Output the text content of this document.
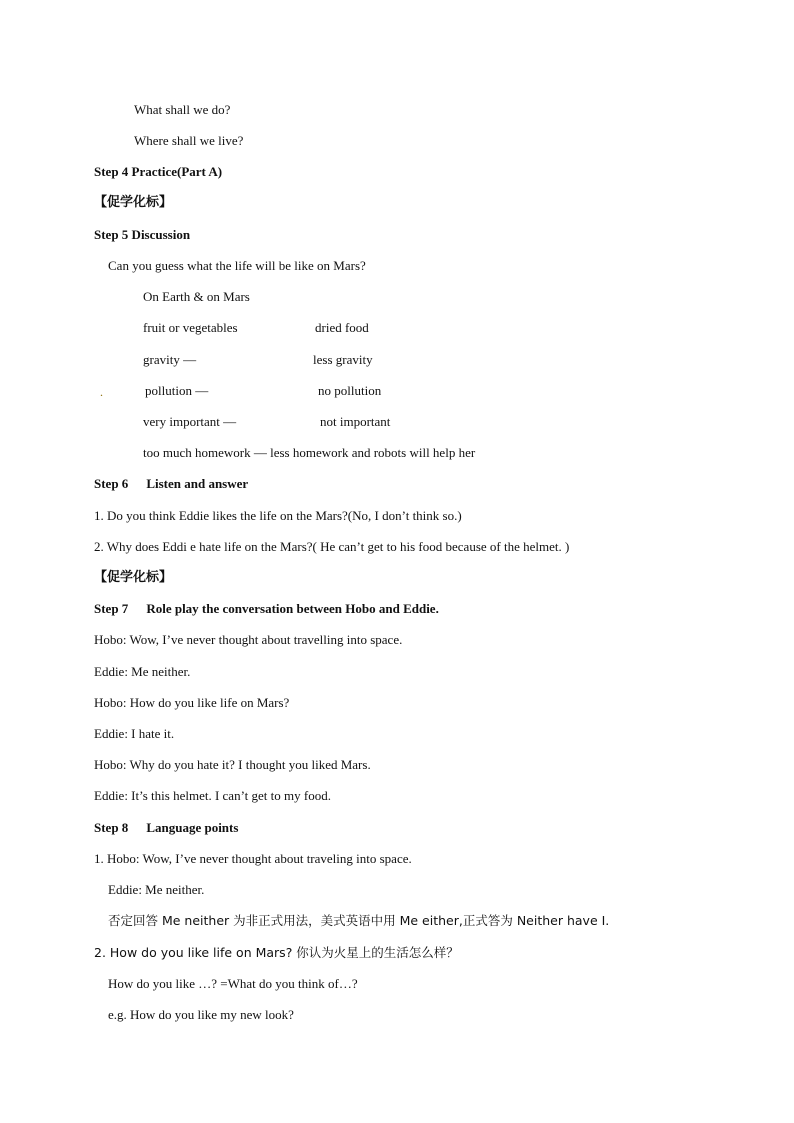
What shall we do?
Where shall we live?
Step 4 Practice(Part A)
【促学化标】
Step 5 Discussion
Can you guess what the life will be like on Mars?
On Earth & on Mars
fruit or vegetables	dried food
gravity —	less gravity
.	pollution —	no pollution
very important —	not important
too much homework — less homework and robots will help her
Step 6 Listen and answer
1. Do you think Eddie likes the life on the Mars?(No, I don’t think so.)
2. Why does Eddi e hate life on the Mars?( He can’t get to his food because of the helmet. )
【促学化标】
Step 7 Role play the conversation between Hobo and Eddie.
Hobo: Wow, I’ve never thought about travelling into space.
Eddie: Me neither.
Hobo: How do you like life on Mars?
Eddie: I hate it.
Hobo: Why do you hate it? I thought you liked Mars.
Eddie: It’s this helmet. I can’t get to my food.
Step 8 Language points
1. Hobo: Wow, I’ve never thought about traveling into space.
Eddie: Me neither.
否定回答 Me neither 为非正式用法，美式英语中用 Me either,正式答为 Neither have I.
2. How do you like life on Mars? 你认为火星上的生活怎么样？
How do you like …? =What do you think of…?
e.g. How do you like my new look?
